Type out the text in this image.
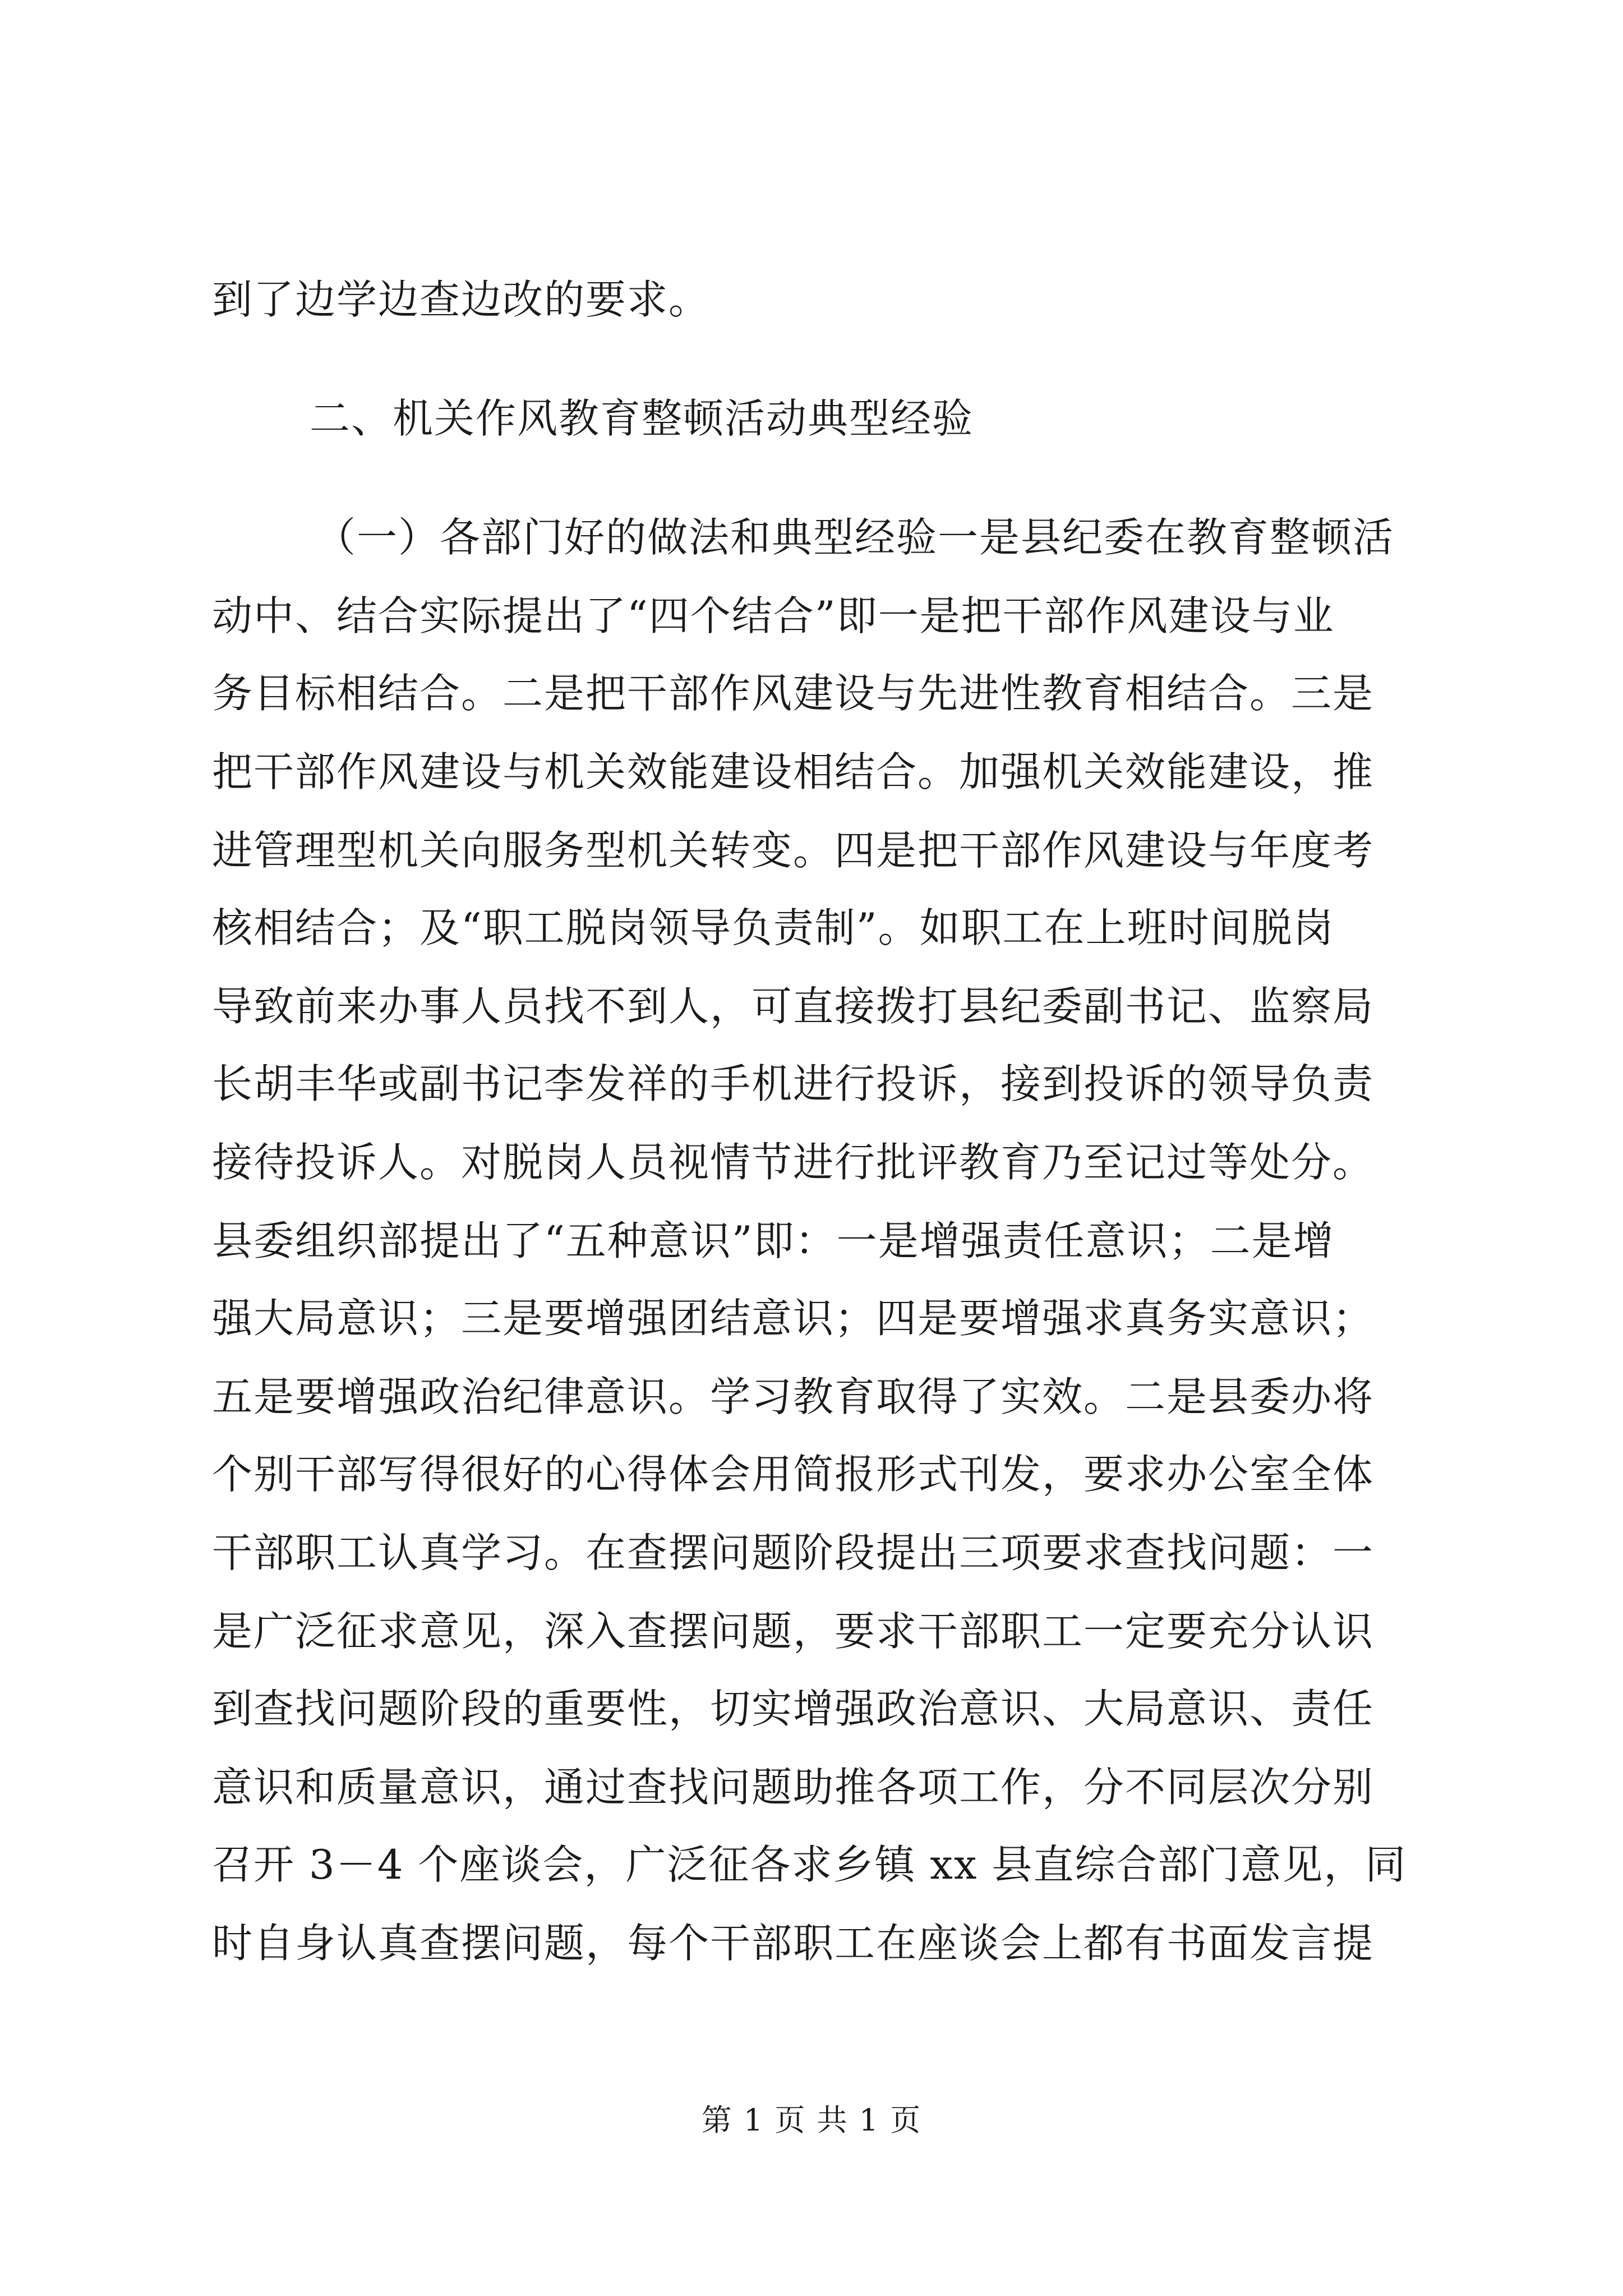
到了边学边查边改的要求。
二、机关作风教育整顿活动典型经验
（一）各部门好的做法和典型经验一是县纪委在教育整顿活
动中、结合实际提出了“四个结合”即一是把干部作风建设与业
务目标相结合。二是把干部作风建设与先进性教育相结合。三是
把干部作风建设与机关效能建设相结合。加强机关效能建设，推
进管理型机关向服务型机关转变。四是把干部作风建设与年度考
核相结合；及“职工脱岗领导负责制”。如职工在上班时间脱岗
导致前来办事人员找不到人，可直接拨打县纪委副书记、监察局
长胡丰华或副书记李发祥的手机进行投诉，接到投诉的领导负责
接待投诉人。对脱岗人员视情节进行批评教育乃至记过等处分。
县委组织部提出了“五种意识”即：一是增强责任意识；二是增
强大局意识；三是要增强团结意识；四是要增强求真务实意识；
五是要增强政治纪律意识。学习教育取得了实效。二是县委办将
个别干部写得很好的心得体会用简报形式刊发，要求办公室全体
干部职工认真学习。在查摆问题阶段提出三项要求查找问题：一
是广泛征求意见，深入查摆问题，要求干部职工一定要充分认识
到查找问题阶段的重要性，切实增强政治意识、大局意识、责任
意识和质量意识，通过查找问题助推各项工作，分不同层次分别
召开 3－4 个座谈会，广泛征各求乡镇 xx 县直综合部门意见，同
时自身认真查摆问题，每个干部职工在座谈会上都有书面发言提
第 1 页 共 1 页
